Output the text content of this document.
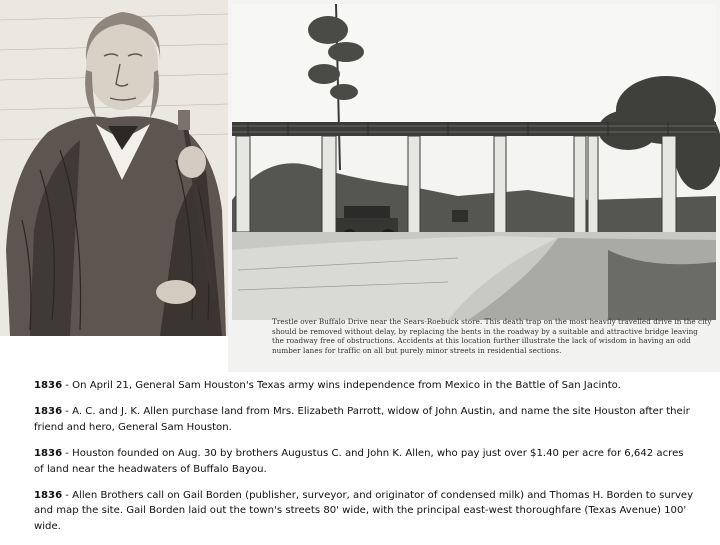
Trestle over Buffalo Drive near the Sears-Roebuck store. This death trap on the most heavily travelled drive in the city should be removed without delay, by replacing the bents in the roadway by a suitable and attractive bridge leaving the roadway free of obstructions. Accidents at this location further illustrate the lack of wisdom in having an odd number lanes for traffic on all but purely minor streets in residential sections.

1836 - On April 21, General Sam Houston's Texas army wins independence from Mexico in the Battle of San Jacinto.

1836 - A. C. and J. K. Allen purchase land from Mrs. Elizabeth Parrott, widow of John Austin, and name the site Houston after their friend and hero, General Sam Houston.

1836 - Houston founded on Aug. 30 by brothers Augustus C. and John K. Allen, who pay just over $1.40 per acre for 6,642 acres of land near the headwaters of Buffalo Bayou.

1836 - Allen Brothers call on Gail Borden (publisher, surveyor, and originator of condensed milk) and Thomas H. Borden to survey and map the site. Gail Borden laid out the town's streets 80' wide, with the principal east-west thoroughfare (Texas Avenue) 100' wide.
